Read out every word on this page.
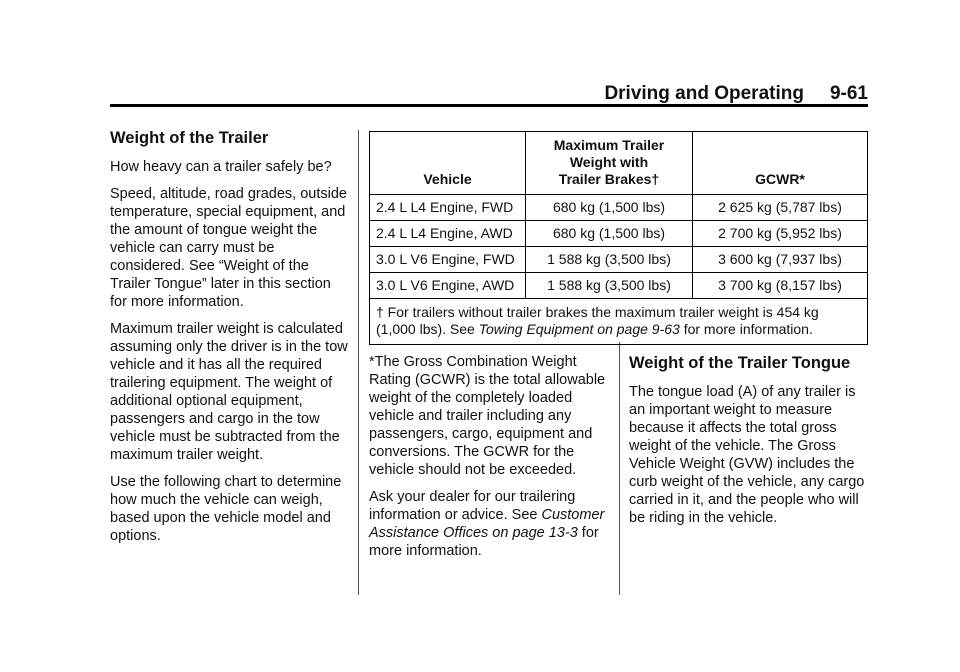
Driving and Operating 9-61
Weight of the Trailer

How heavy can a trailer safely be?

Speed, altitude, road grades, outside temperature, special equipment, and the amount of tongue weight the vehicle can carry must be considered. See “Weight of the Trailer Tongue” later in this section for more information.

Maximum trailer weight is calculated assuming only the driver is in the tow vehicle and it has all the required trailering equipment. The weight of additional optional equipment, passengers and cargo in the tow vehicle must be subtracted from the maximum trailer weight.

Use the following chart to determine how much the vehicle can weigh, based upon the vehicle model and options.

Vehicle	Maximum Trailer Weight with Trailer Brakes†	GCWR*
2.4 L L4 Engine, FWD	680 kg (1,500 lbs)	2 625 kg (5,787 lbs)
2.4 L L4 Engine, AWD	680 kg (1,500 lbs)	2 700 kg (5,952 lbs)
3.0 L V6 Engine, FWD	1 588 kg (3,500 lbs)	3 600 kg (7,937 lbs)
3.0 L V6 Engine, AWD	1 588 kg (3,500 lbs)	3 700 kg (8,157 lbs)
† For trailers without trailer brakes the maximum trailer weight is 454 kg (1,000 lbs). See Towing Equipment on page 9-63 for more information.		

*The Gross Combination Weight Rating (GCWR) is the total allowable weight of the completely loaded vehicle and trailer including any passengers, cargo, equipment and conversions. The GCWR for the vehicle should not be exceeded.

Ask your dealer for our trailering information or advice. See Customer Assistance Offices on page 13-3 for more information.

Weight of the Trailer Tongue

The tongue load (A) of any trailer is an important weight to measure because it affects the total gross weight of the vehicle. The Gross Vehicle Weight (GVW) includes the curb weight of the vehicle, any cargo carried in it, and the people who will be riding in the vehicle.
